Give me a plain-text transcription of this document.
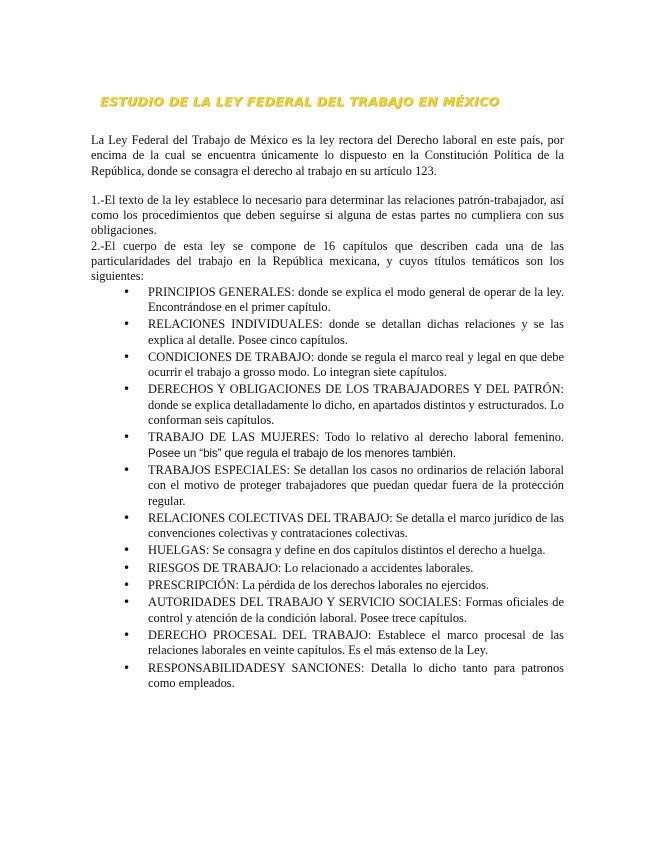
ESTUDIO DE LA LEY FEDERAL DEL TRABAJO EN MÉXICO

La Ley Federal del Trabajo de México es la ley rectora del Derecho laboral en este país, por encima de la cual se encuentra únicamente lo dispuesto en la Constitución Política de la República, donde se consagra el derecho al trabajo en su artículo 123.

1.-El texto de la ley establece lo necesario para determinar las relaciones patrón-trabajador, así como los procedimientos que deben seguirse si alguna de estas partes no cumpliera con sus obligaciones.

2.-El cuerpo de esta ley se compone de 16 capítulos que describen cada una de las particularidades del trabajo en la República mexicana, y cuyos títulos temáticos son los siguientes:

• PRINCIPIOS GENERALES: donde se explica el modo general de operar de la ley. Encontrándose en el primer capítulo.
• RELACIONES INDIVIDUALES: donde se detallan dichas relaciones y se las explica al detalle. Posee cinco capítulos.
• CONDICIONES DE TRABAJO: donde se regula el marco real y legal en que debe ocurrir el trabajo a grosso modo. Lo integran siete capítulos.
• DERECHOS Y OBLIGACIONES DE LOS TRABAJADORES Y DEL PATRÓN: donde se explica detalladamente lo dicho, en apartados distintos y estructurados. Lo conforman seis capítulos.
• TRABAJO DE LAS MUJERES: Todo lo relativo al derecho laboral femenino. Posee un “bis” que regula el trabajo de los menores también.
• TRABAJOS ESPECIALES: Se detallan los casos no ordinarios de relación laboral con el motivo de proteger trabajadores que puedan quedar fuera de la protección regular.
• RELACIONES COLECTIVAS DEL TRABAJO: Se detalla el marco jurídico de las convenciones colectivas y contrataciones colectivas.
• HUELGAS: Se consagra y define en dos capítulos distintos el derecho a huelga.
• RIESGOS DE TRABAJO: Lo relacionado a accidentes laborales.
• PRESCRIPCIÓN: La pérdida de los derechos laborales no ejercidos.
• AUTORIDADES DEL TRABAJO Y SERVICIO SOCIALES: Formas oficiales de control y atención de la condición laboral. Posee trece capítulos.
• DERECHO PROCESAL DEL TRABAJO: Establece el marco procesal de las relaciones laborales en veinte capítulos. Es el más extenso de la Ley.
• RESPONSABILIDADESY SANCIONES: Detalla lo dicho tanto para patronos como empleados.
